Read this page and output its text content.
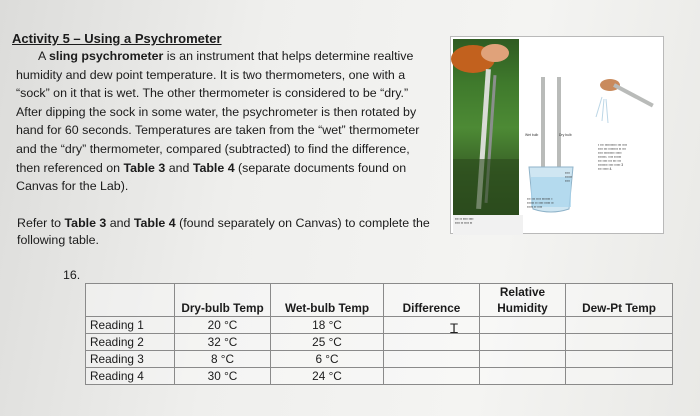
Activity 5 – Using a Psychrometer
A sling psychrometer is an instrument that helps determine realtive
humidity and dew point temperature. It is two thermometers, one with a
“sock” on it that is wet. The other thermometer is considered to be “dry.”
After dipping the sock in some water, the psychrometer is then rotated by
hand for 60 seconds. Temperatures are taken from the “wet” thermometer
and the “dry” thermometer, compared (subtracted) to find the difference,
then referenced on Table 3 and Table 4 (separate documents found on
Canvas for the Lab).
Refer to Table 3 and Table 4 (found separately on Canvas) to complete the
following table.
16.
▪▪▪ ▪▪ ▪▪▪▪ ▪▪▪▪
▪▪▪▪ ▪▪ ▪▪▪▪ ▪▪
Wet bulb	Dry bulb
▪▪▪▪
▪▪▪▪▪▪
▪▪▪▪
▪▪▪ ▪▪▪ ▪▪▪▪ ▪▪▪▪▪▪▪ ▪
▪▪▪▪▪▪ ▪▪ ▪▪▪▪ ▪▪▪▪▪ ▪▪
▪▪▪▪▪ ▪▪ ▪▪▪▪
▪ ▪▪▪ ▪▪▪▪▪▪▪▪▪▪ ▪▪▪ ▪▪▪▪
▪▪▪▪ ▪▪▪ ▪▪▪▪▪▪▪▪ ▪▪ ▪▪▪
▪▪▪▪ ▪▪▪▪▪▪▪▪▪ ▪▪▪▪▪
▪▪▪▪▪▪▪. ▪▪▪▪ ▪▪▪▪▪▪
▪▪▪ ▪▪▪▪ ▪▪▪ ▪▪▪ ▪▪▪
▪▪▪▪▪▪▪▪ ▪▪▪▪ ▪▪▪▪▪ 3
▪▪▪ ▪▪▪▪▪ 4.
				Relative	
	Dry-bulb Temp	Wet-bulb Temp	Difference	Humidity	Dew-Pt Temp
Reading 1	20 °C	18 °C			
Reading 2	32 °C	25 °C			
Reading 3	8 °C	6 °C			
Reading 4	30 °C	24 °C			
Ꮖ
